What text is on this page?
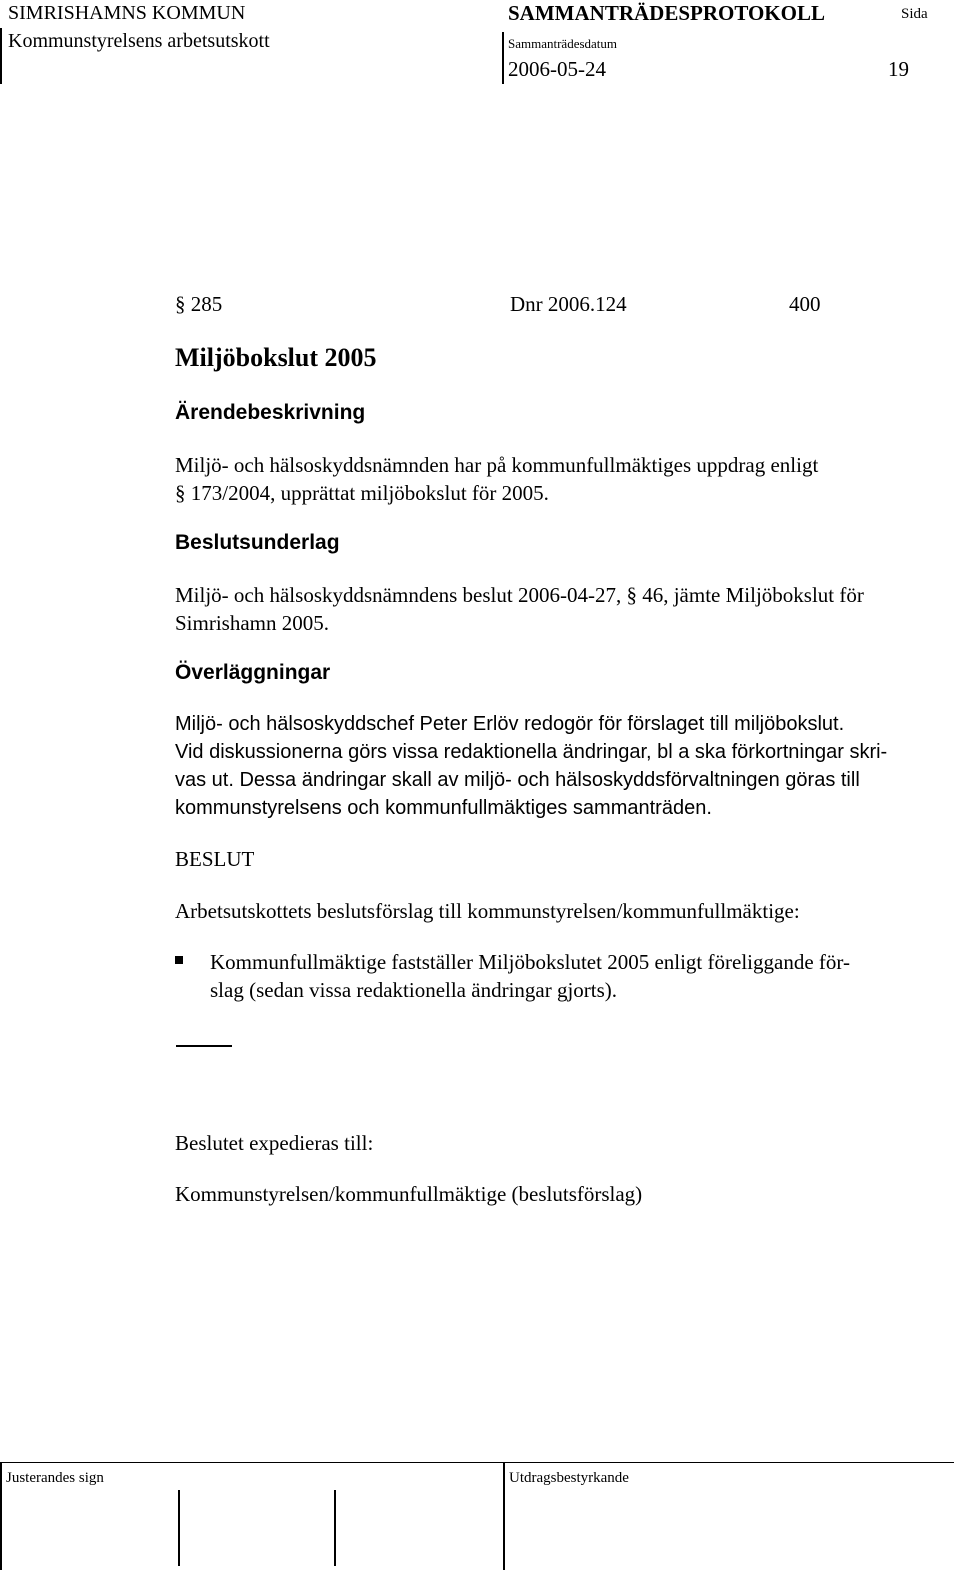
SIMRISHAMNS KOMMUN
Kommunstyrelsens arbetsutskott
SAMMANTRÄDESPROTOKOLL	Sida
Sammanträdesdatum
2006-05-24	19
§ 285	Dnr 2006.124	400
Miljöbokslut 2005
Ärendebeskrivning
Miljö- och hälsoskyddsnämnden har på kommunfullmäktiges uppdrag enligt
§ 173/2004, upprättat miljöbokslut för 2005.
Beslutsunderlag
Miljö- och hälsoskyddsnämndens beslut 2006-04-27, § 46, jämte Miljöbokslut för
Simrishamn 2005.
Överläggningar
Miljö- och hälsoskyddschef Peter Erlöv redogör för förslaget till miljöbokslut.
Vid diskussionerna görs vissa redaktionella ändringar, bl a ska förkortningar skri-
vas ut. Dessa ändringar skall av miljö- och hälsoskyddsförvaltningen göras till
kommunstyrelsens och kommunfullmäktiges sammanträden.
BESLUT
Arbetsutskottets beslutsförslag till kommunstyrelsen/kommunfullmäktige:
Kommunfullmäktige fastställer Miljöbokslutet 2005 enligt föreliggande för-
slag (sedan vissa redaktionella ändringar gjorts).
Beslutet expedieras till:
Kommunstyrelsen/kommunfullmäktige (beslutsförslag)
Justerandes sign	Utdragsbestyrkande
